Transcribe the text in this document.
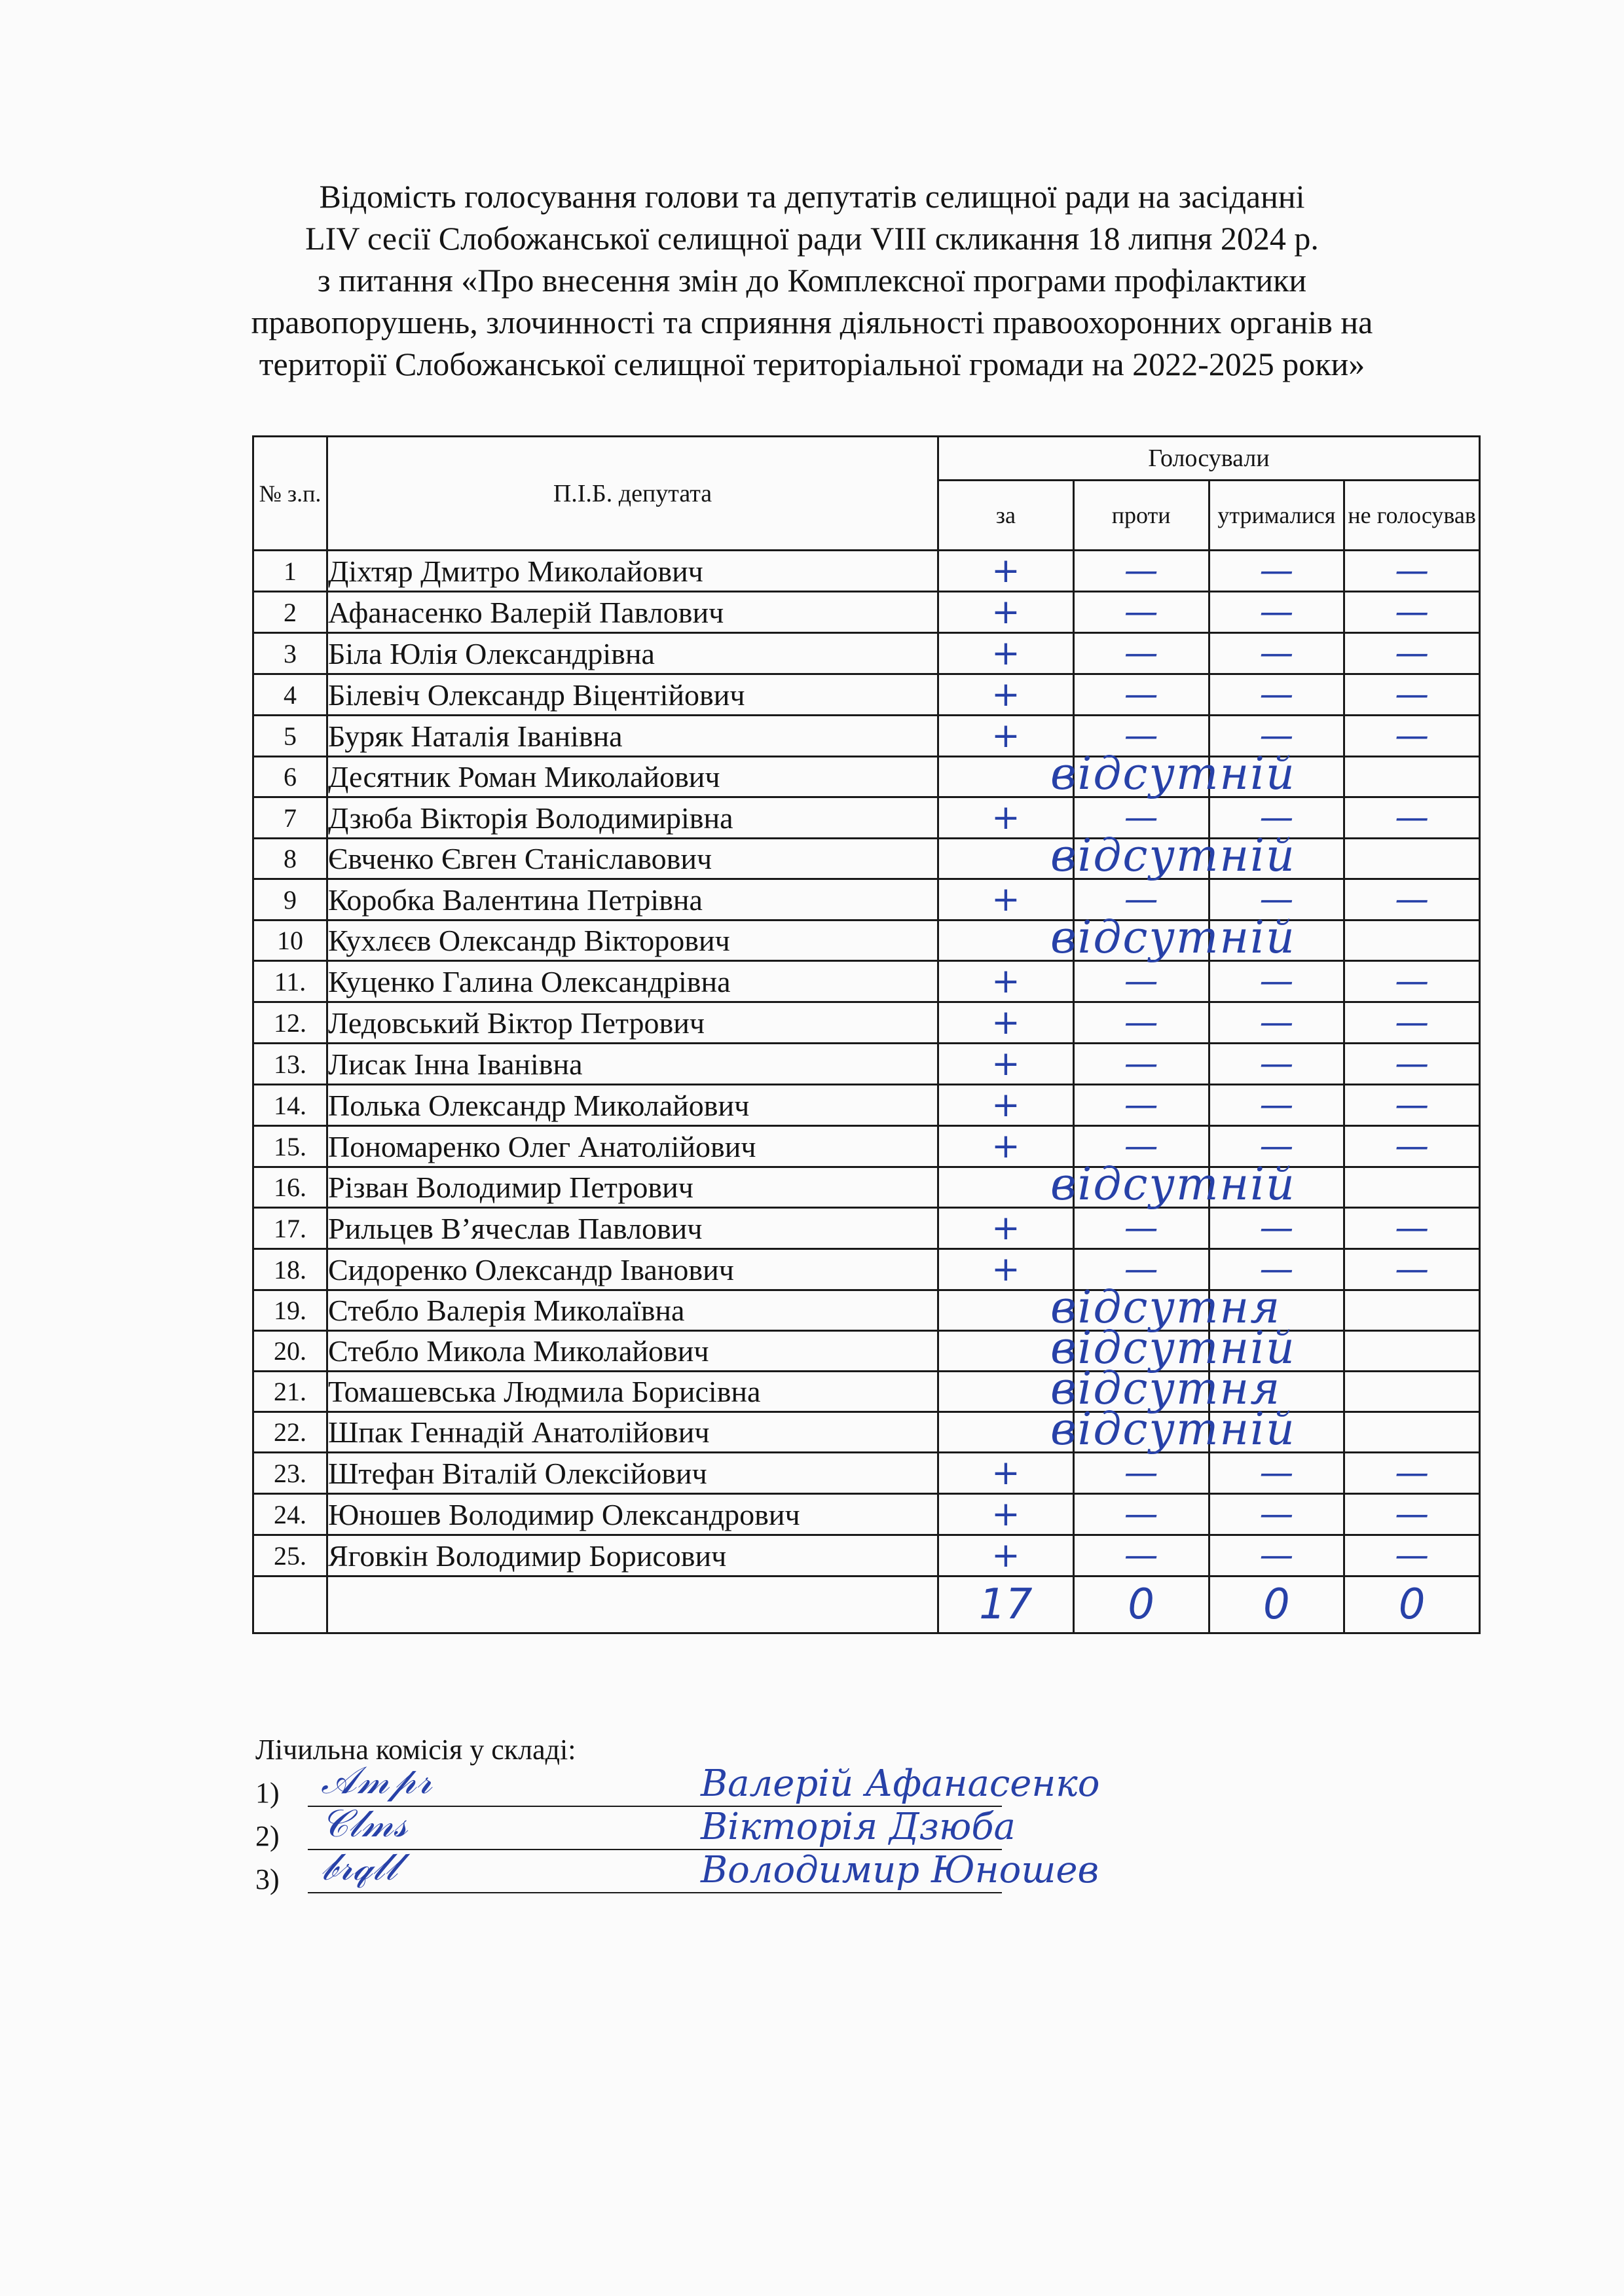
Відомість голосування голови та депутатів селищної ради на засіданні
LIV сесії Слобожанської селищної ради VIII скликання 18 липня 2024 р.
з питання «Про внесення змін до Комплексної програми профілактики
правопорушень, злочинності та сприяння діяльності правоохоронних органів на
території Слобожанської селищної територіальної громади на 2022-2025 роки»
№ з.п.	П.І.Б. депутата	Голосували			
		за	проти	утрималися	не голосував
1	Діхтяр Дмитро Миколайович	+	—	—	—
2	Афанасенко Валерій Павлович	+	—	—	—
3	Біла Юлія Олександрівна	+	—	—	—
4	Білевіч Олександр Віцентійович	+	—	—	—
5	Буряк Наталія Іванівна	+	—	—	—
6	Десятник Роман Миколайович	відсутній			

7	Дзюба Вікторія Володимирівна	+	—	—	—
8	Євченко Євген Станіславович	відсутній			

9	Коробка Валентина Петрівна	+	—	—	—
10	Кухлєєв Олександр Вікторович	відсутній			

11.	Куценко Галина Олександрівна	+	—	—	—
12.	Ледовський Віктор Петрович	+	—	—	—
13.	Лисак Інна Іванівна	+	—	—	—
14.	Полька Олександр Миколайович	+	—	—	—
15.	Пономаренко Олег Анатолійович	+	—	—	—
16.	Різван Володимир Петрович	відсутній			

17.	Рильцев В’ячеслав Павлович	+	—	—	—
18.	Сидоренко Олександр Іванович	+	—	—	—
19.	Стебло Валерія Миколаївна	відсутня			

20.	Стебло Микола Миколайович	відсутній			

21.	Томашевська Людмила Борисівна	відсутня			

22.	Шпак Геннадій Анатолійович	відсутній			

23.	Штефан Віталій Олексійович	+	—	—	—
24.	Юношев Володимир Олександрович	+	—	—	—
25.	Яговкін Володимир Борисович	+	—	—	—
		17	0	0	0
Лічильна комісія у складі:
1) 𝒜𝓂𝓅𝓇	Валерій Афанасенко
2) 𝒞𝓁𝓂𝓈	Вікторія Дзюба
3) 𝒷𝓇𝓆𝓁𝓁	Володимир Юношев
